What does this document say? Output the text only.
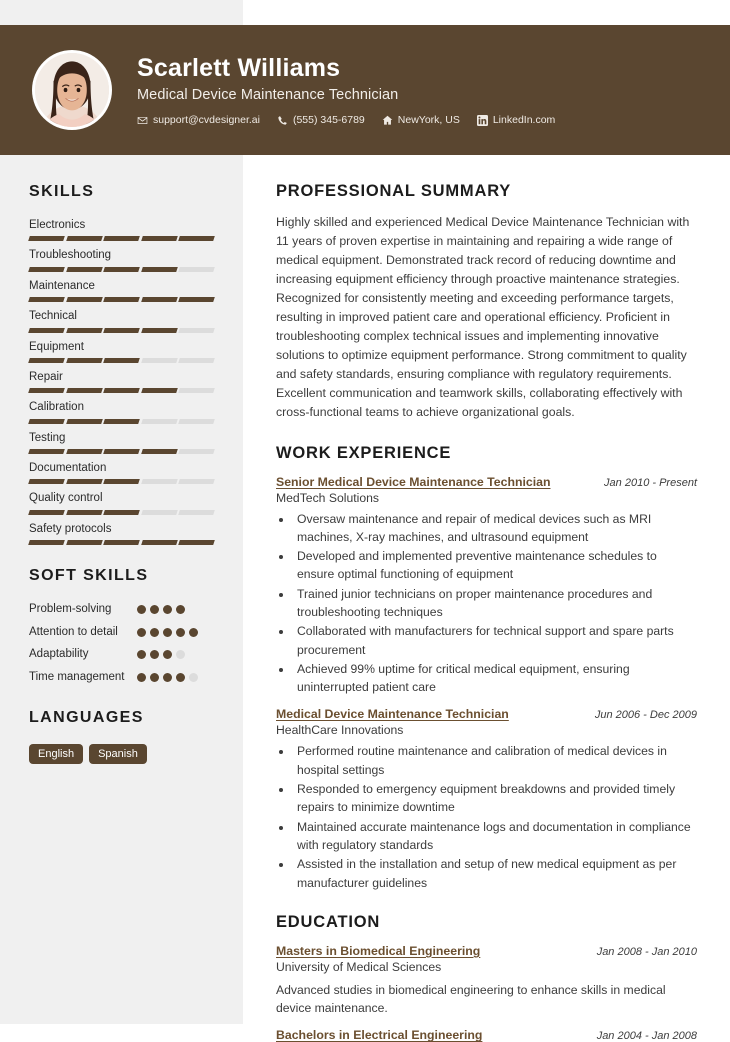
Scarlett Williams
Medical Device Maintenance Technician
support@cvdesigner.ai	(555) 345-6789	NewYork, US	LinkedIn.com
SKILLS
Electronics
Troubleshooting
Maintenance
Technical
Equipment
Repair
Calibration
Testing
Documentation
Quality control
Safety protocols
SOFT SKILLS
Problem-solving
Attention to detail
Adaptability
Time management
LANGUAGES
English	Spanish
PROFESSIONAL SUMMARY
Highly skilled and experienced Medical Device Maintenance Technician with 11 years of proven expertise in maintaining and repairing a wide range of medical equipment. Demonstrated track record of reducing downtime and increasing equipment efficiency through proactive maintenance strategies. Recognized for consistently meeting and exceeding performance targets, resulting in improved patient care and operational efficiency. Proficient in troubleshooting complex technical issues and implementing innovative solutions to optimize equipment performance. Strong commitment to quality and safety standards, ensuring compliance with regulatory requirements. Excellent communication and teamwork skills, collaborating effectively with cross-functional teams to achieve organizational goals.
WORK EXPERIENCE
Senior Medical Device Maintenance Technician	Jan 2010 - Present
MedTech Solutions
• Oversaw maintenance and repair of medical devices such as MRI machines, X-ray machines, and ultrasound equipment
• Developed and implemented preventive maintenance schedules to ensure optimal functioning of equipment
• Trained junior technicians on proper maintenance procedures and troubleshooting techniques
• Collaborated with manufacturers for technical support and spare parts procurement
• Achieved 99% uptime for critical medical equipment, ensuring uninterrupted patient care
Medical Device Maintenance Technician	Jun 2006 - Dec 2009
HealthCare Innovations
• Performed routine maintenance and calibration of medical devices in hospital settings
• Responded to emergency equipment breakdowns and provided timely repairs to minimize downtime
• Maintained accurate maintenance logs and documentation in compliance with regulatory standards
• Assisted in the installation and setup of new medical equipment as per manufacturer guidelines
EDUCATION
Masters in Biomedical Engineering	Jan 2008 - Jan 2010
University of Medical Sciences
Advanced studies in biomedical engineering to enhance skills in medical device maintenance.
Bachelors in Electrical Engineering	Jan 2004 - Jan 2008
